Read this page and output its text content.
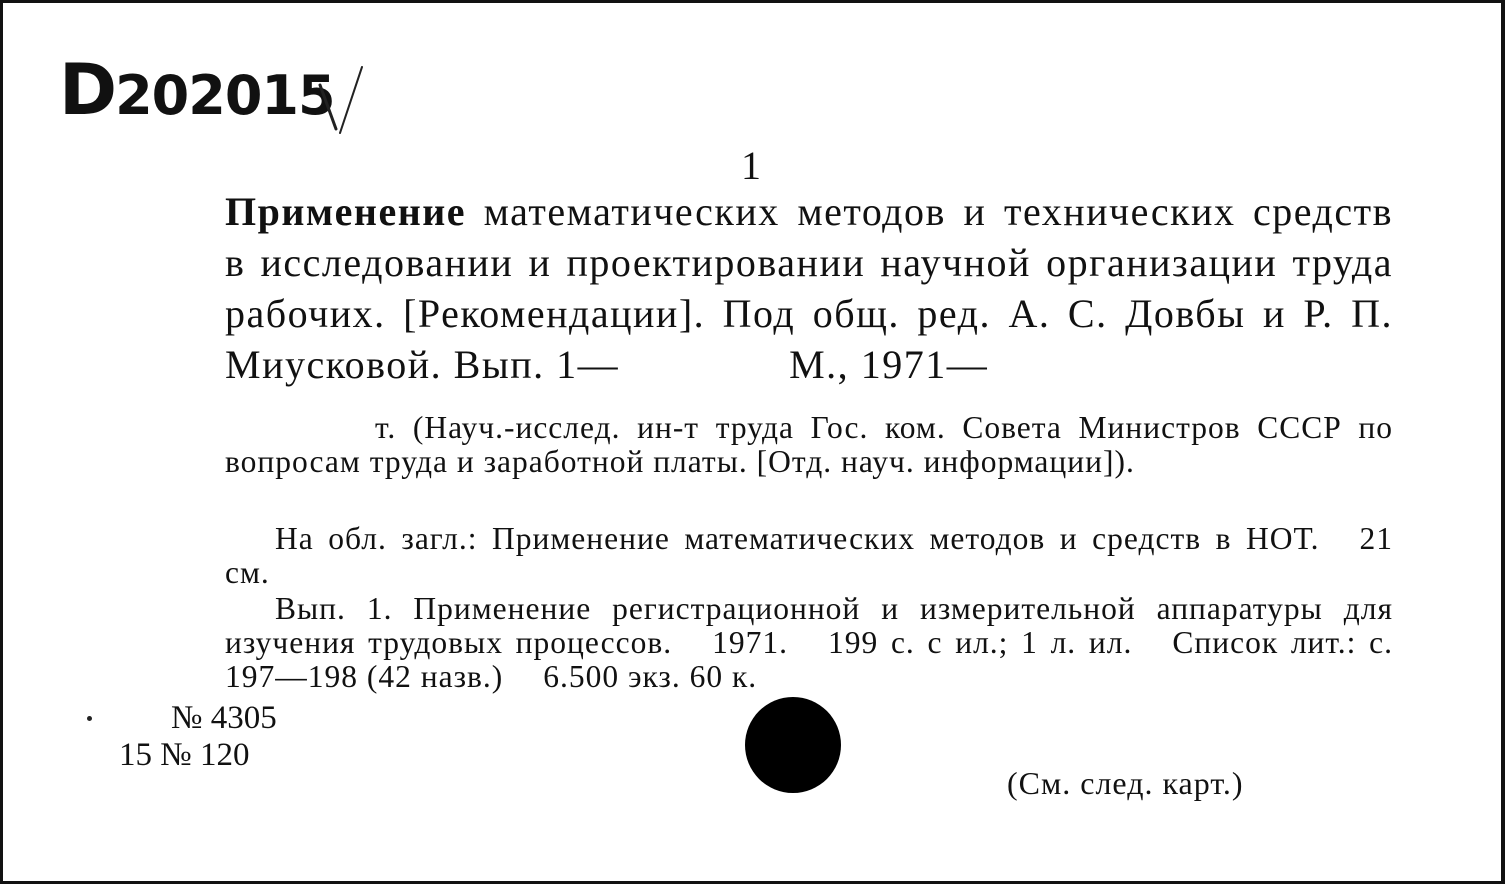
D202015
1

Применение математических методов и технических средств в исследовании и проектировании научной организации труда рабочих. [Рекомендации]. Под общ. ред. А. С. Довбы и Р. П. Миусковой. Вып. 1—	М., 1971—

т. (Науч.-исслед. ин-т труда Гос. ком. Совета Министров СССР по вопросам труда и заработной платы. [Отд. науч. информации]).

На обл. загл.: Применение математических методов и средств в НОТ. 21 см.

Вып. 1. Применение регистрационной и измерительной аппаратуры для изучения трудовых процессов. 1971. 199 с. с ил.; 1 л. ил. Список лит.: с. 197—198 (42 назв.) 6.500 экз. 60 к.

№ 4305
15 № 120
(См. след. карт.)
